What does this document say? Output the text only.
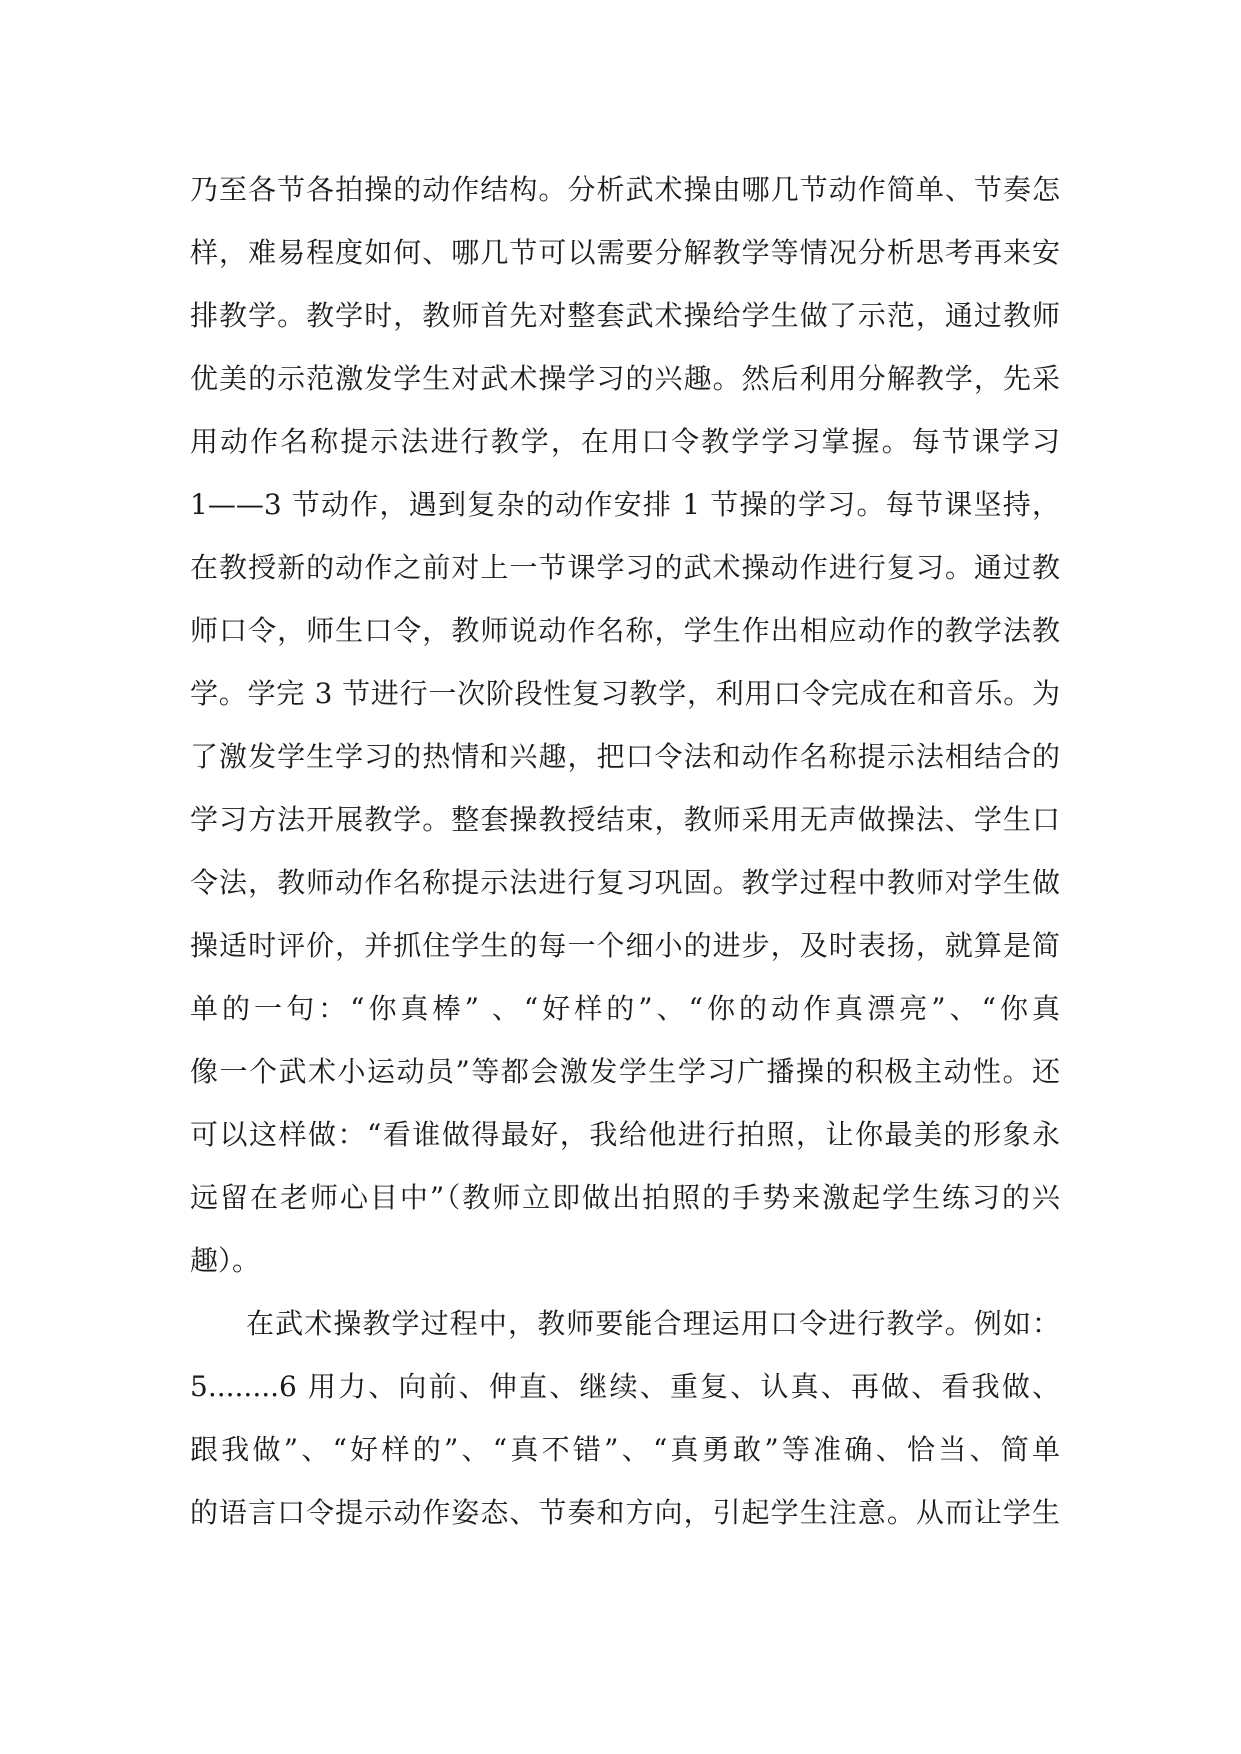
乃至各节各拍操的动作结构。分析武术操由哪几节动作简单、节奏怎
样，难易程度如何、哪几节可以需要分解教学等情况分析思考再来安
排教学。教学时，教师首先对整套武术操给学生做了示范，通过教师
优美的示范激发学生对武术操学习的兴趣。然后利用分解教学，先采
用动作名称提示法进行教学，在用口令教学学习掌握。每节课学习
1——3 节动作，遇到复杂的动作安排 1 节操的学习。每节课坚持，
在教授新的动作之前对上一节课学习的武术操动作进行复习。通过教
师口令，师生口令，教师说动作名称，学生作出相应动作的教学法教
学。学完 3 节进行一次阶段性复习教学，利用口令完成在和音乐。为
了激发学生学习的热情和兴趣，把口令法和动作名称提示法相结合的
学习方法开展教学。整套操教授结束，教师采用无声做操法、学生口
令法，教师动作名称提示法进行复习巩固。教学过程中教师对学生做
操适时评价，并抓住学生的每一个细小的进步，及时表扬，就算是简
单的一句：“你真棒” 、“好样的”、“你的动作真漂亮”、“你真
像一个武术小运动员”等都会激发学生学习广播操的积极主动性。还
可以这样做：“看谁做得最好，我给他进行拍照，让你最美的形象永
远留在老师心目中”（教师立即做出拍照的手势来激起学生练习的兴
趣）。
在武术操教学过程中，教师要能合理运用口令进行教学。例如：
5........6 用力、向前、伸直、继续、重复、认真、再做、看我做、
跟我做”、“好样的”、“真不错”、“真勇敢”等准确、恰当、简单
的语言口令提示动作姿态、节奏和方向，引起学生注意。从而让学生
